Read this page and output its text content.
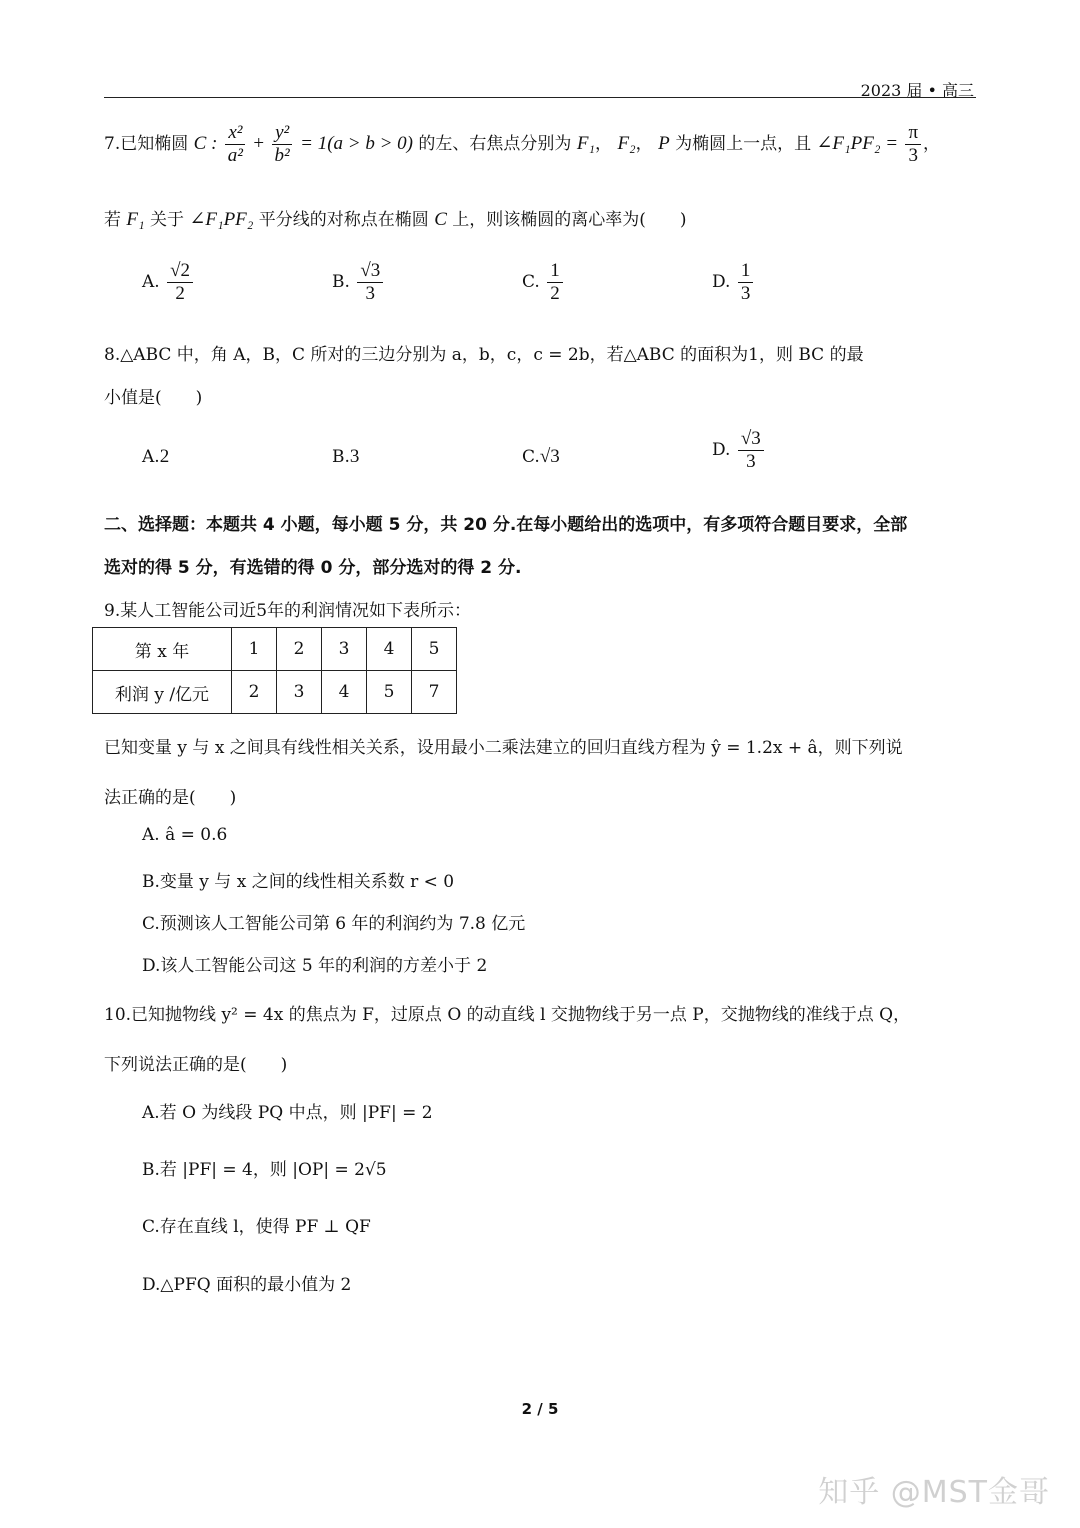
2023 届 • 高三
7.已知椭圆 C : $\frac{\text{x²}}{\text{a²}} + \frac{\text{y²}}{\text{b²}} = 1(a > b > 0)$ 的左、右焦点分别为 F₁， F₂， P 为椭圆上一点，且 ∠F₁PF₂ = $\frac{\pi}{3}$ ，
若 F₁ 关于 ∠F₁PF₂ 平分线的对称点在椭圆 C 上，则该椭圆的离心率为(　　)
A. $\frac{√2}{2}$	B. $\frac{√3}{3}$	C. $\frac{1}{2}$	D. $\frac{1}{3}$
8.△ABC 中，角 A，B，C 所对的三边分别为 a，b，c，c = 2b，若△ABC 的面积为1，则 BC 的最
小值是(　　)
A.2	B.3	C.√3	D. $\frac{√3}{3}$
二、选择题：本题共 4 小题，每小题 5 分，共 20 分.在每小题给出的选项中，有多项符合题目要求，全部
选对的得 5 分，有选错的得 0 分，部分选对的得 2 分.
9.某人工智能公司近5年的利润情况如下表所示：
第 x 年	1	2	3	4	5
利润 y /亿元	2	3	4	5	7
已知变量 y 与 x 之间具有线性相关关系，设用最小二乘法建立的回归直线方程为 ŷ = 1.2x + â，则下列说
法正确的是(　　)
A. â = 0.6
B.变量 y 与 x 之间的线性相关系数 r < 0
C.预测该人工智能公司第 6 年的利润约为 7.8 亿元
D.该人工智能公司这 5 年的利润的方差小于 2
10.已知抛物线 y² = 4x 的焦点为 F，过原点 O 的动直线 l 交抛物线于另一点 P，交抛物线的准线于点 Q，
下列说法正确的是(　　)
A.若 O 为线段 PQ 中点，则 |PF| = 2
B.若 |PF| = 4，则 |OP| = 2√5
C.存在直线 l，使得 PF ⊥ QF
D.△PFQ 面积的最小值为 2
2 / 5
知乎 @MST金哥
